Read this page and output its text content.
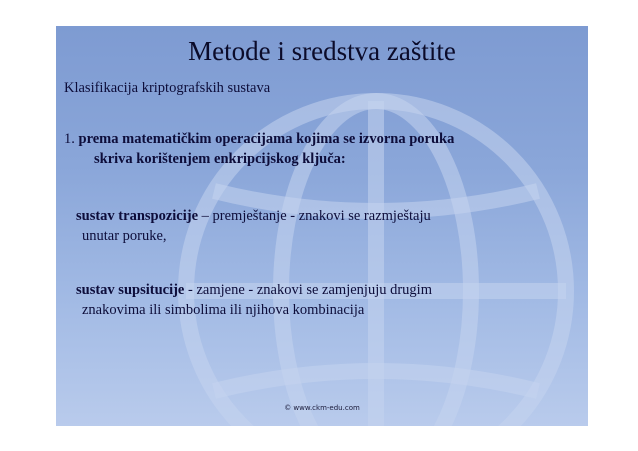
Metode i sredstva zaštite
Klasifikacija kriptografskih sustava
1. prema matematičkim operacijama kojima se izvorna poruka
skriva korištenjem enkripcijskog ključa:
sustav transpozicije – premještanje - znakovi se razmještaju
unutar poruke,
sustav supsitucije - zamjene - znakovi se zamjenjuju drugim
znakovima ili simbolima ili njihova kombinacija
© www.ckm-edu.com
